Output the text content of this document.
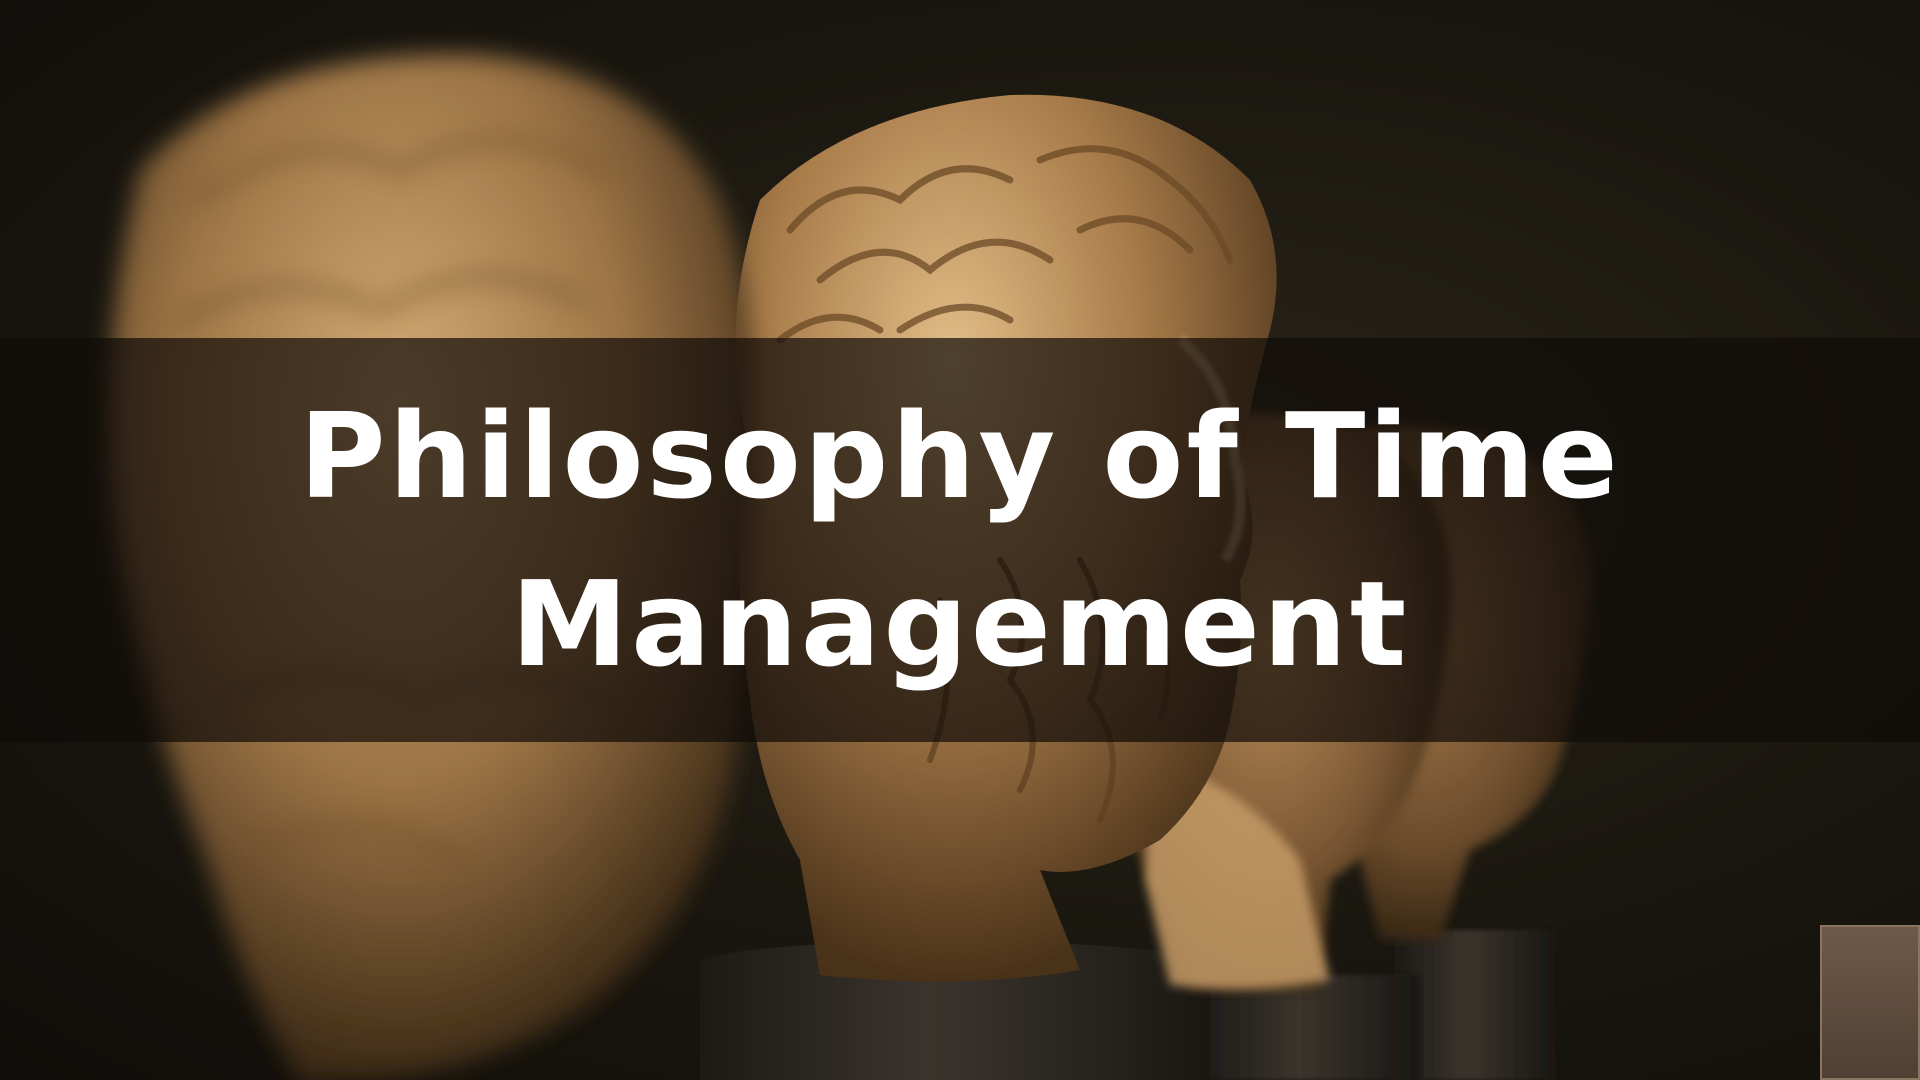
Philosophy of Time
Management
